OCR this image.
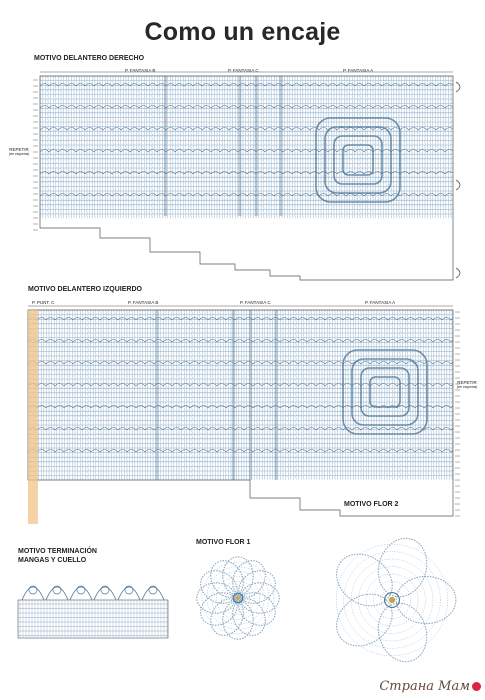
Como un encaje
MOTIVO DELANTERO DERECHO
P. FANTASIA B	P. FANTASIA C	P. FANTASIA A
REPETIR
(ver esquema)
MOTIVO DELANTERO IZQUIERDO
P. PUNT. C	P. FANTASIA B	P. FANTASIA C	P. FANTASIA A
REPETIR
(ver esquema)
MOTIVO TERMINACIÓN
MANGAS Y CUELLO
MOTIVO FLOR 1
MOTIVO FLOR 2
Страна Мам
